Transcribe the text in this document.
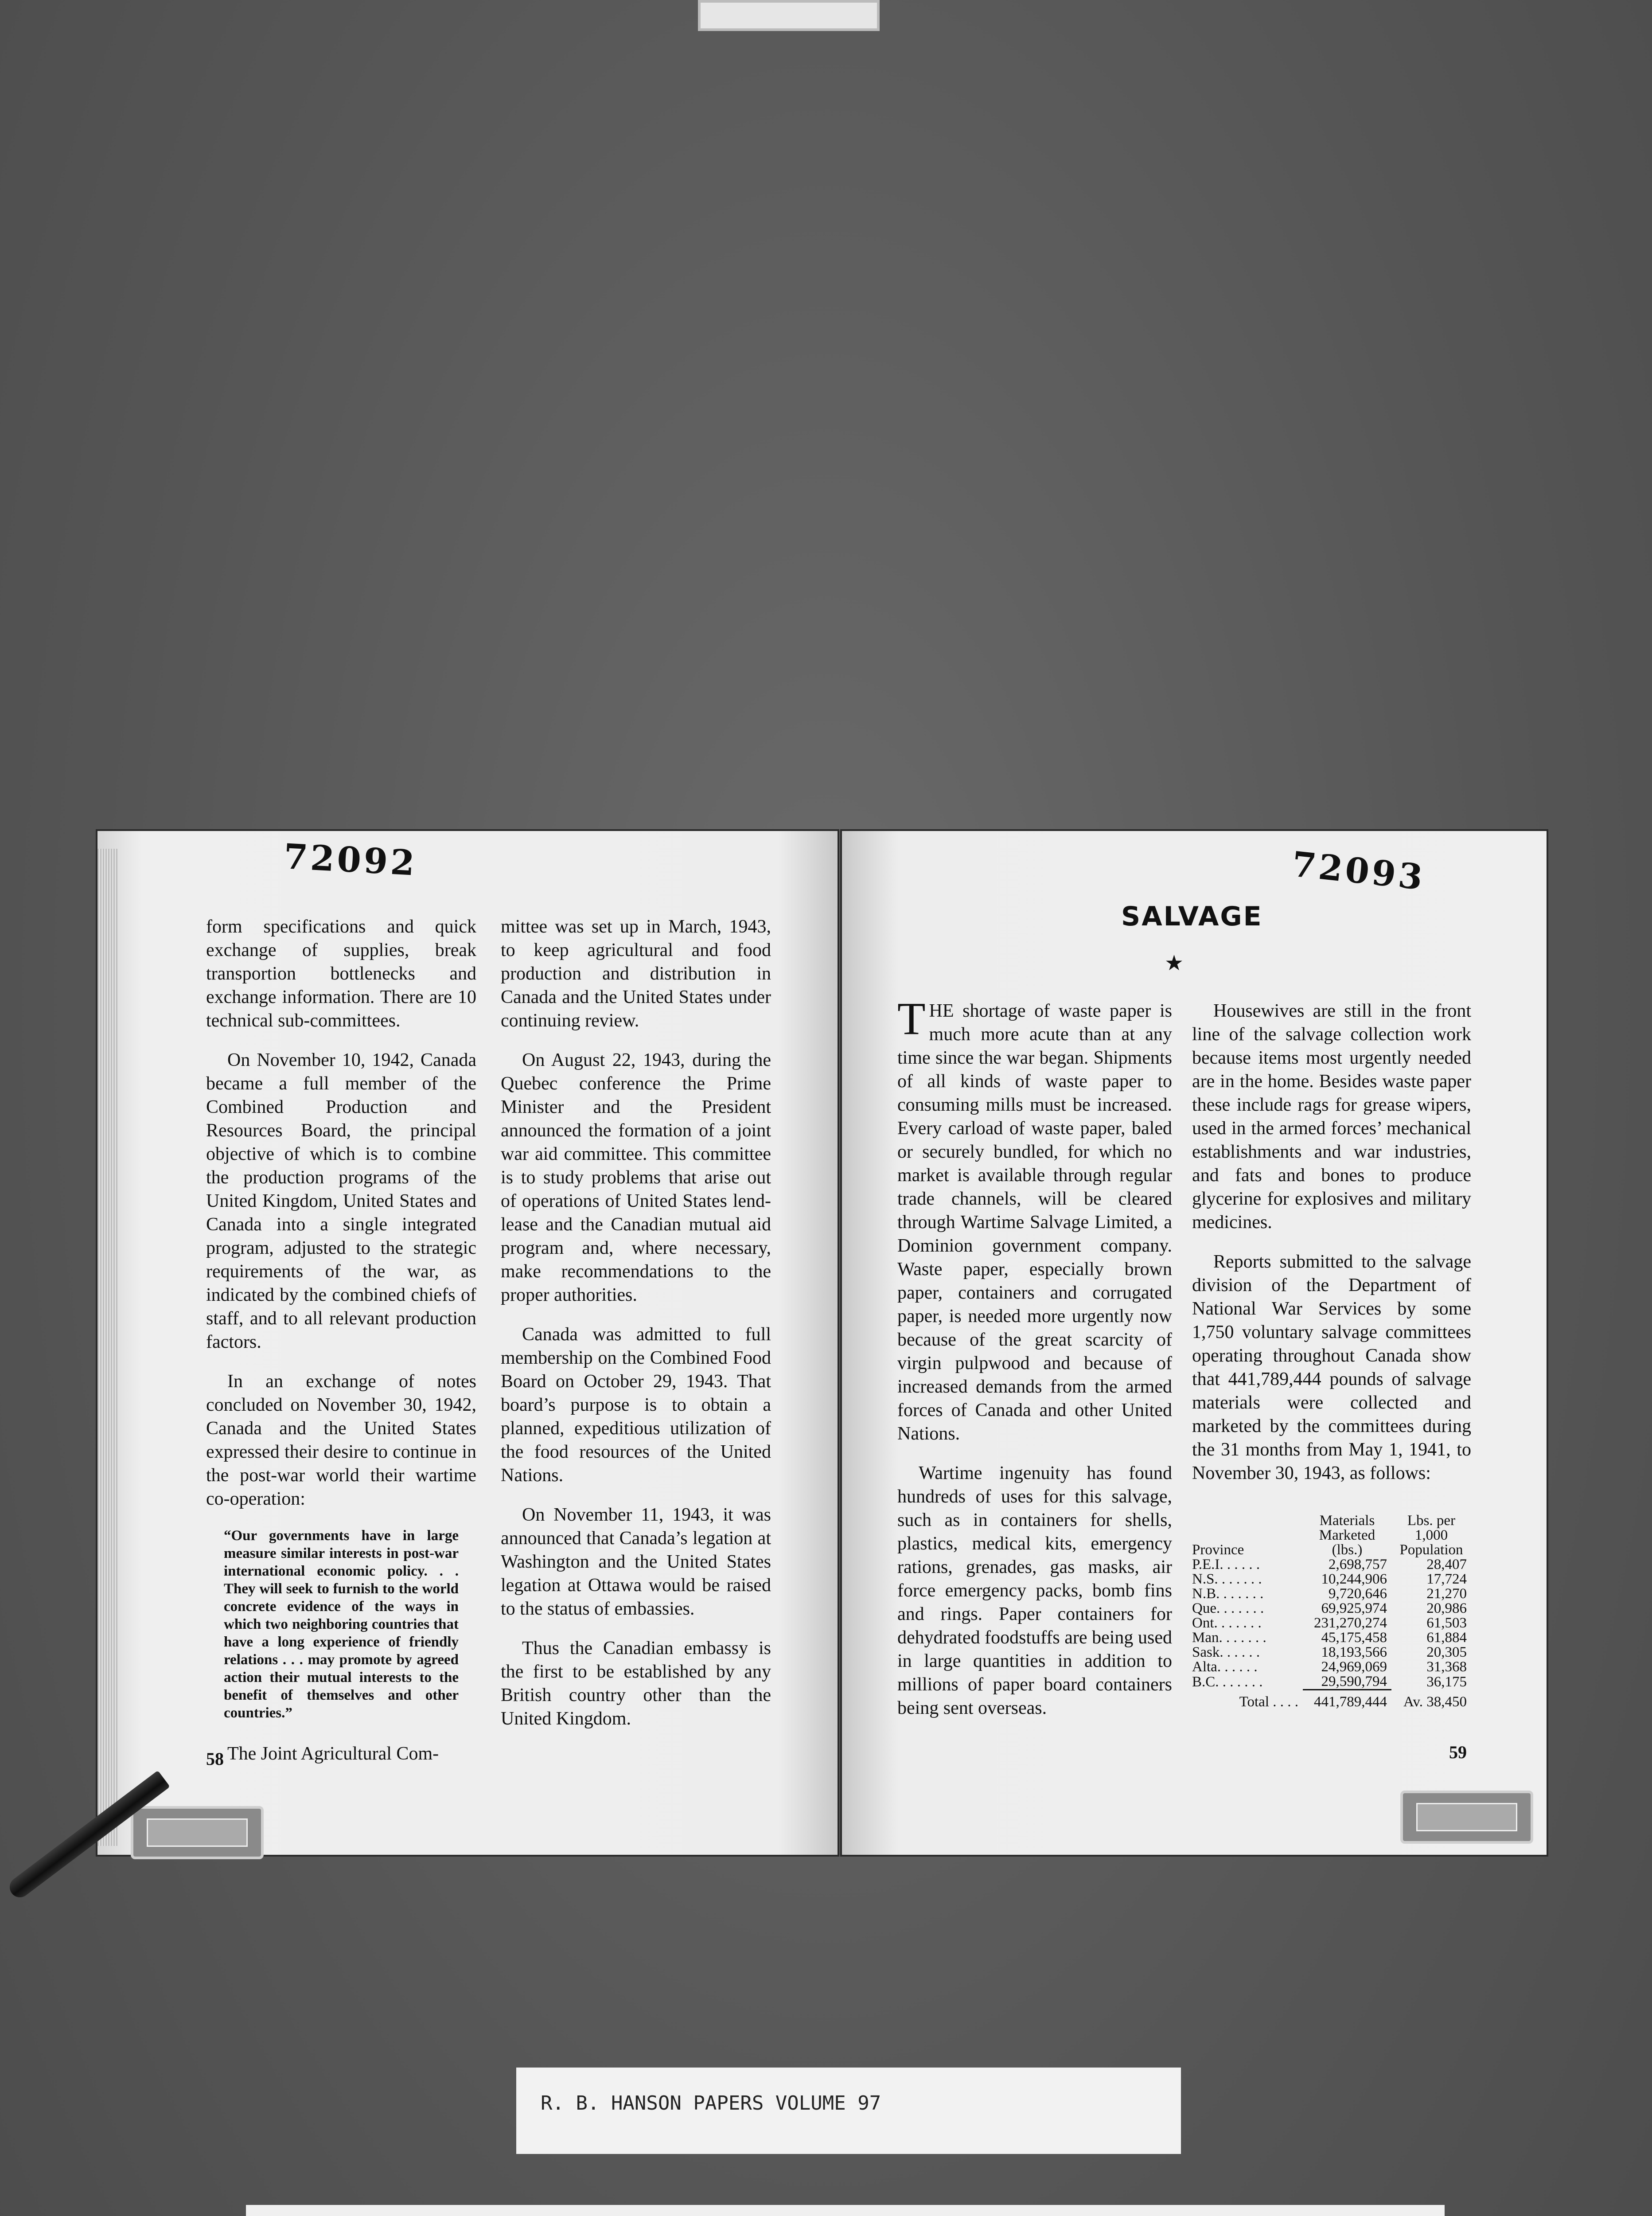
72092

form specifications and quick exchange of supplies, break transportion bottlenecks and exchange information. There are 10 technical sub-committees.

On November 10, 1942, Canada became a full member of the Combined Production and Resources Board, the principal objective of which is to combine the production programs of the United Kingdom, United States and Canada into a single integrated program, adjusted to the strategic requirements of the war, as indicated by the combined chiefs of staff, and to all relevant production factors.

In an exchange of notes concluded on November 30, 1942, Canada and the United States expressed their desire to continue in the post-war world their wartime co-operation:

“Our governments have in large measure similar interests in post-war international economic policy. . . They will seek to furnish to the world concrete evidence of the ways in which two neighboring countries that have a long experience of friendly relations . . . may promote by agreed action their mutual interests to the benefit of themselves and other countries.”

The Joint Agricultural Com-

mittee was set up in March, 1943, to keep agricultural and food production and distribution in Canada and the United States under continuing review.

On August 22, 1943, during the Quebec conference the Prime Minister and the President announced the formation of a joint war aid committee. This committee is to study problems that arise out of operations of United States lend-lease and the Canadian mutual aid program and, where necessary, make recommendations to the proper authorities.

Canada was admitted to full membership on the Combined Food Board on October 29, 1943. That board’s purpose is to obtain a planned, expeditious utilization of the food resources of the United Nations.

On November 11, 1943, it was announced that Canada’s legation at Washington and the United States legation at Ottawa would be raised to the status of embassies.

Thus the Canadian embassy is the first to be established by any British country other than the United Kingdom.

58
72093
SALVAGE
★

THE shortage of waste paper is much more acute than at any time since the war began. Shipments of all kinds of waste paper to consuming mills must be increased. Every carload of waste paper, baled or securely bundled, for which no market is available through regular trade channels, will be cleared through Wartime Salvage Limited, a Dominion government company. Waste paper, especially brown paper, containers and corrugated paper, is needed more urgently now because of the great scarcity of virgin pulpwood and because of increased demands from the armed forces of Canada and other United Nations.

Wartime ingenuity has found hundreds of uses for this salvage, such as in containers for shells, plastics, medical kits, emergency rations, grenades, gas masks, air force emergency packs, bomb fins and rings. Paper containers for dehydrated foodstuffs are being used in large quantities in addition to millions of paper board containers being sent overseas.

Housewives are still in the front line of the salvage collection work because items most urgently needed are in the home. Besides waste paper these include rags for grease wipers, used in the armed forces’ mechanical establishments and war industries, and fats and bones to produce glycerine for explosives and military medicines.

Reports submitted to the salvage division of the Department of National War Services by some 1,750 voluntary salvage committees operating throughout Canada show that 441,789,444 pounds of salvage materials were collected and marketed by the committees during the 31 months from May 1, 1941, to November 30, 1943, as follows:

Province	Materials Marketed (lbs.)	Lbs. per 1,000 Population
P.E.I. . . . . .	2,698,757	28,407
N.S. . . . . . .	10,244,906	17,724
N.B. . . . . . .	9,720,646	21,270
Que. . . . . . .	69,925,974	20,986
Ont. . . . . . .	231,270,274	61,503
Man. . . . . . .	45,175,458	61,884
Sask. . . . . .	18,193,566	20,305
Alta. . . . . .	24,969,069	31,368
B.C. . . . . . .	29,590,794	36,175

Total . . . .	441,789,444	Av. 38,450
59
R. B. HANSON PAPERS VOLUME 97
